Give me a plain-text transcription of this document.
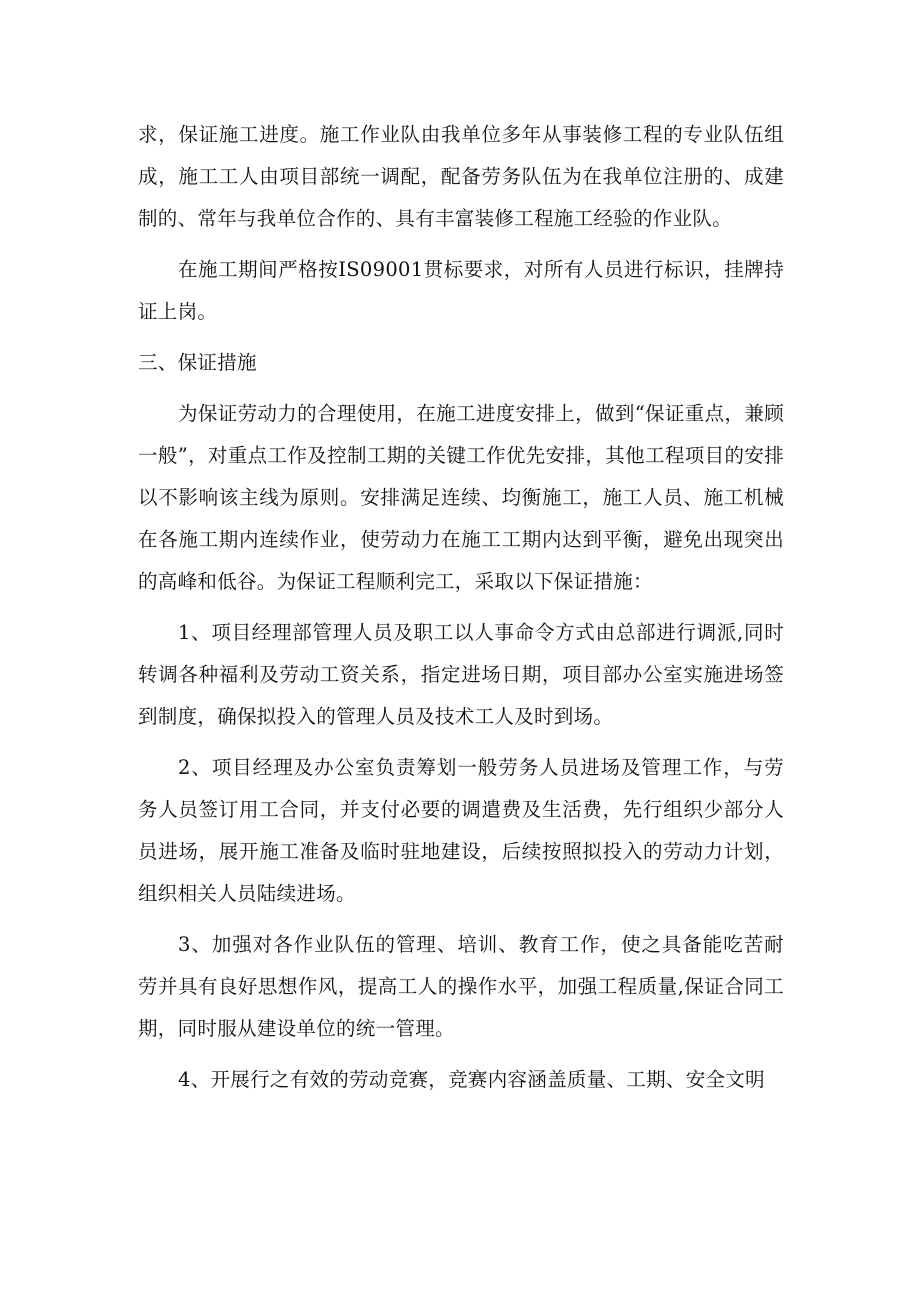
求，保证施工进度。施工作业队由我单位多年从事装修工程的专业队伍组成，施工工人由项目部统一调配，配备劳务队伍为在我单位注册的、成建制的、常年与我单位合作的、具有丰富装修工程施工经验的作业队。

在施工期间严格按IS09001贯标要求，对所有人员进行标识，挂牌持证上岗。

三、保证措施

为保证劳动力的合理使用，在施工进度安排上，做到“保证重点，兼顾一般”，对重点工作及控制工期的关键工作优先安排，其他工程项目的安排以不影响该主线为原则。安排满足连续、均衡施工，施工人员、施工机械在各施工期内连续作业，使劳动力在施工工期内达到平衡，避免出现突出的高峰和低谷。为保证工程顺利完工，采取以下保证措施：

1、项目经理部管理人员及职工以人事命令方式由总部进行调派,同时转调各种福利及劳动工资关系，指定进场日期，项目部办公室实施进场签到制度，确保拟投入的管理人员及技术工人及时到场。

2、项目经理及办公室负责筹划一般劳务人员进场及管理工作，与劳务人员签订用工合同，并支付必要的调遣费及生活费，先行组织少部分人员进场，展开施工准备及临时驻地建设，后续按照拟投入的劳动力计划，组织相关人员陆续进场。

3、加强对各作业队伍的管理、培训、教育工作，使之具备能吃苦耐劳并具有良好思想作风，提高工人的操作水平，加强工程质量,保证合同工期，同时服从建设单位的统一管理。

4、开展行之有效的劳动竞赛，竞赛内容涵盖质量、工期、安全文明
